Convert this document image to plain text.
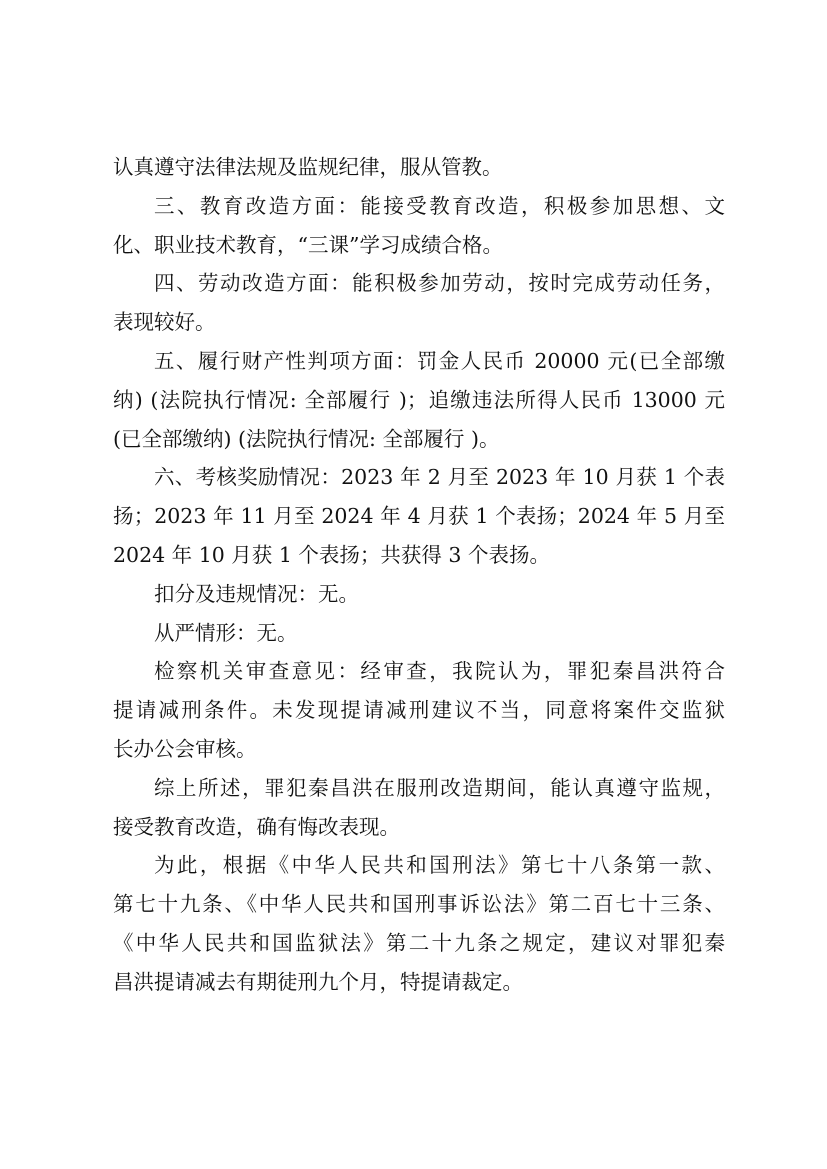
认真遵守法律法规及监规纪律，服从管教。
三、教育改造方面：能接受教育改造，积极参加思想、文
化、职业技术教育，“三课”学习成绩合格。
四、劳动改造方面：能积极参加劳动，按时完成劳动任务，
表现较好。
五、履行财产性判项方面：罚金人民币 20000 元(已全部缴
纳) (法院执行情况: 全部履行 )；追缴违法所得人民币 13000 元
(已全部缴纳) (法院执行情况: 全部履行 )。
六、考核奖励情况：2023 年 2 月至 2023 年 10 月获 1 个表
扬；2023 年 11 月至 2024 年 4 月获 1 个表扬；2024 年 5 月至
2024 年 10 月获 1 个表扬；共获得 3 个表扬。
扣分及违规情况：无。
从严情形：无。
检察机关审查意见：经审查，我院认为，罪犯秦昌洪符合
提请减刑条件。未发现提请减刑建议不当，同意将案件交监狱
长办公会审核。
综上所述，罪犯秦昌洪在服刑改造期间，能认真遵守监规，
接受教育改造，确有悔改表现。
为此，根据《中华人民共和国刑法》第七十八条第一款、
第七十九条、《中华人民共和国刑事诉讼法》第二百七十三条、
《中华人民共和国监狱法》第二十九条之规定，建议对罪犯秦
昌洪提请减去有期徒刑九个月，特提请裁定。
